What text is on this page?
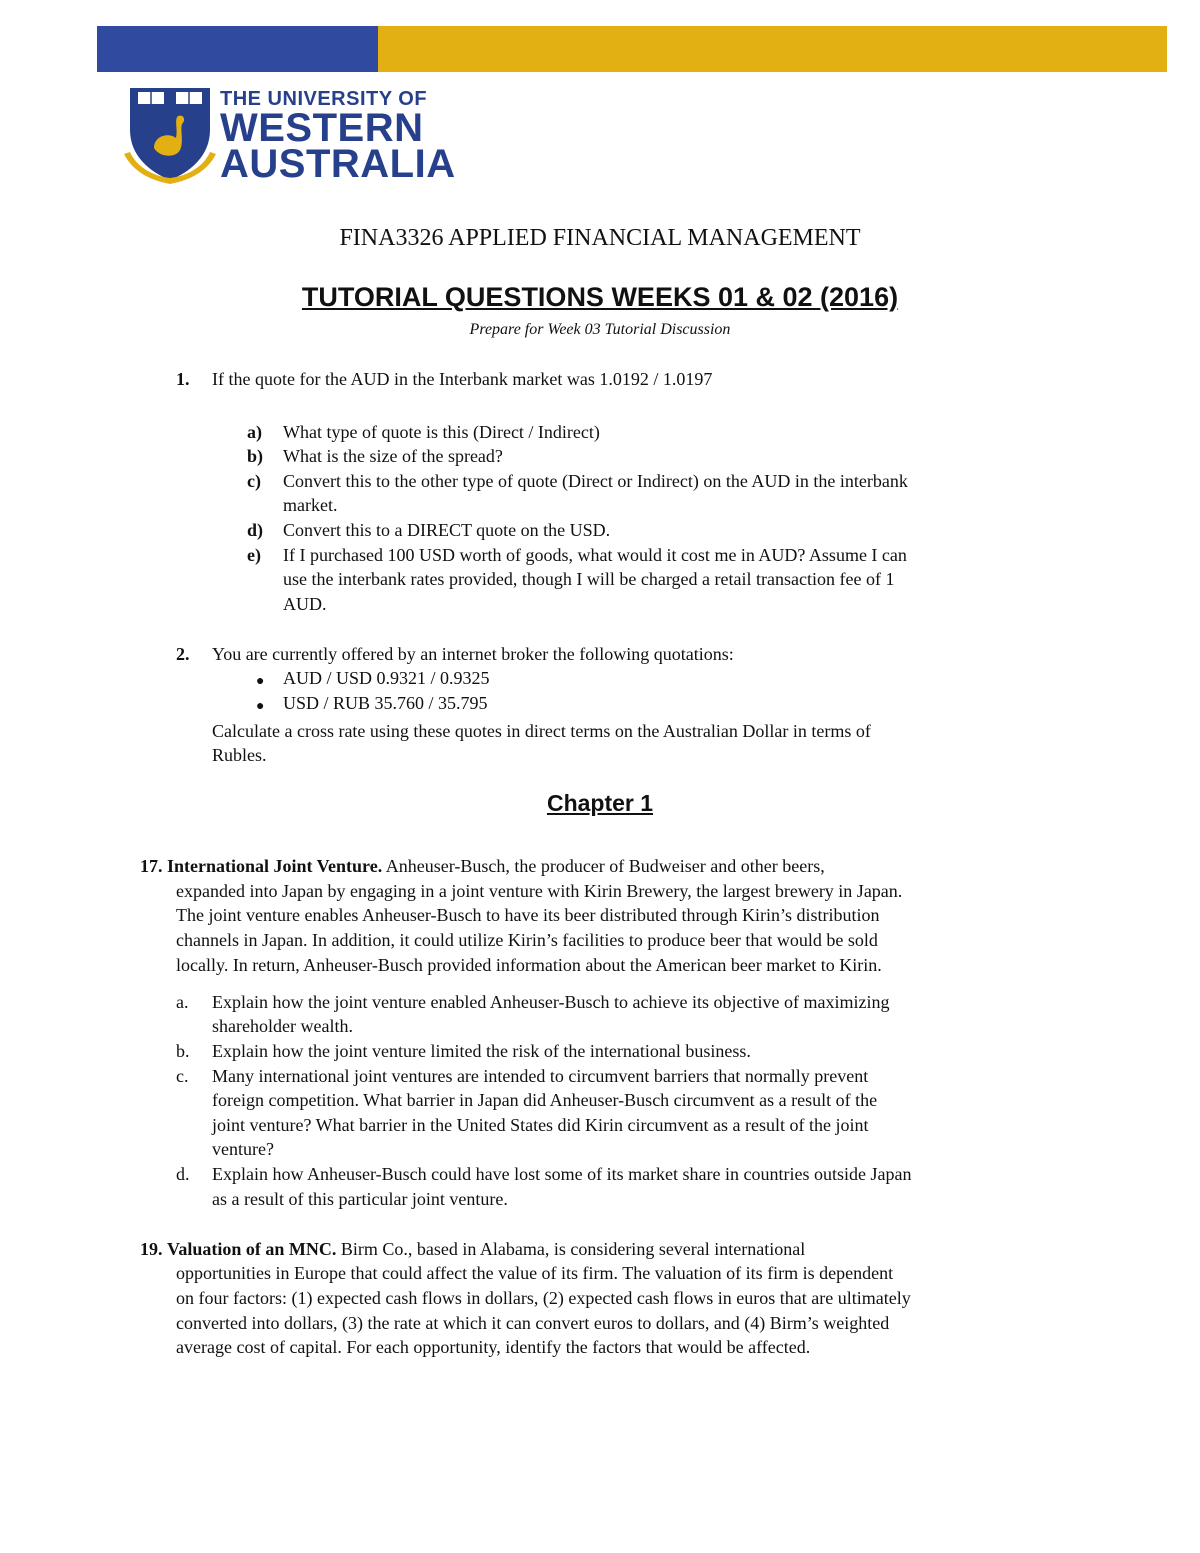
THE UNIVERSITY OF
WESTERN
AUSTRALIA
FINA3326 APPLIED FINANCIAL MANAGEMENT
TUTORIAL QUESTIONS WEEKS 01 & 02 (2016)
Prepare for Week 03 Tutorial Discussion
1. If the quote for the AUD in the Interbank market was 1.0192 / 1.0197
a) What type of quote is this (Direct / Indirect)
b) What is the size of the spread?
c) Convert this to the other type of quote (Direct or Indirect) on the AUD in the interbank
market.
d) Convert this to a DIRECT quote on the USD.
e) If I purchased 100 USD worth of goods, what would it cost me in AUD? Assume I can
use the interbank rates provided, though I will be charged a retail transaction fee of 1
AUD.
2. You are currently offered by an internet broker the following quotations:
● AUD / USD 0.9321 / 0.9325
● USD / RUB 35.760 / 35.795
Calculate a cross rate using these quotes in direct terms on the Australian Dollar in terms of
Rubles.
Chapter 1
17. International Joint Venture. Anheuser-Busch, the producer of Budweiser and other beers,
expanded into Japan by engaging in a joint venture with Kirin Brewery, the largest brewery in Japan.
The joint venture enables Anheuser-Busch to have its beer distributed through Kirin’s distribution
channels in Japan. In addition, it could utilize Kirin’s facilities to produce beer that would be sold
locally. In return, Anheuser-Busch provided information about the American beer market to Kirin.
a. Explain how the joint venture enabled Anheuser-Busch to achieve its objective of maximizing
shareholder wealth.
b. Explain how the joint venture limited the risk of the international business.
c. Many international joint ventures are intended to circumvent barriers that normally prevent
foreign competition. What barrier in Japan did Anheuser-Busch circumvent as a result of the
joint venture? What barrier in the United States did Kirin circumvent as a result of the joint
venture?
d. Explain how Anheuser-Busch could have lost some of its market share in countries outside Japan
as a result of this particular joint venture.
19. Valuation of an MNC. Birm Co., based in Alabama, is considering several international
opportunities in Europe that could affect the value of its firm. The valuation of its firm is dependent
on four factors: (1) expected cash flows in dollars, (2) expected cash flows in euros that are ultimately
converted into dollars, (3) the rate at which it can convert euros to dollars, and (4) Birm’s weighted
average cost of capital. For each opportunity, identify the factors that would be affected.
